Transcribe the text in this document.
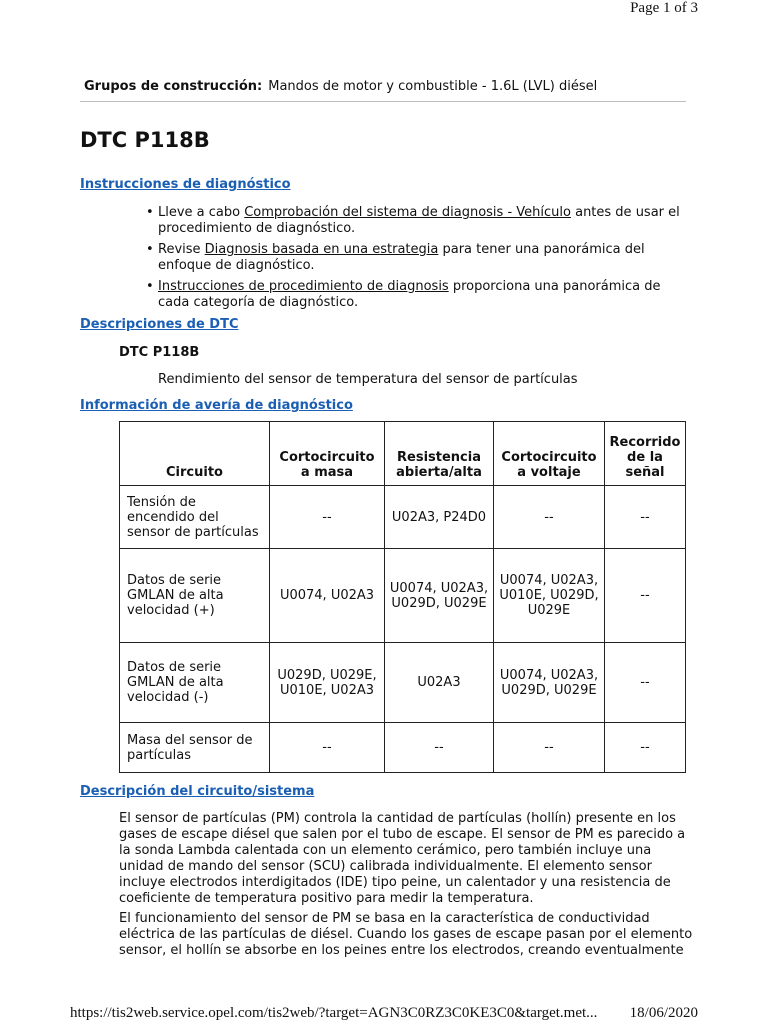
Page 1 of 3
Grupos de construcción: Mandos de motor y combustible - 1.6L (LVL) diésel
DTC P118B
Instrucciones de diagnóstico
• Lleve a cabo Comprobación del sistema de diagnosis - Vehículo antes de usar el procedimiento de diagnóstico.
• Revise Diagnosis basada en una estrategia para tener una panorámica del enfoque de diagnóstico.
• Instrucciones de procedimiento de diagnosis proporciona una panorámica de cada categoría de diagnóstico.
Descripciones de DTC
DTC P118B
Rendimiento del sensor de temperatura del sensor de partículas
Información de avería de diagnóstico
Circuito	Cortocircuito a masa	Resistencia abierta/alta	Cortocircuito a voltaje	Recorrido de la señal
Tensión de encendido del sensor de partículas	--	U02A3, P24D0	--	--
Datos de serie GMLAN de alta velocidad (+)	U0074, U02A3	U0074, U02A3, U029D, U029E	U0074, U02A3, U010E, U029D, U029E	--
Datos de serie GMLAN de alta velocidad (-)	U029D, U029E, U010E, U02A3	U02A3	U0074, U02A3, U029D, U029E	--
Masa del sensor de partículas	--	--	--	--
Descripción del circuito/sistema

El sensor de partículas (PM) controla la cantidad de partículas (hollín) presente en los gases de escape diésel que salen por el tubo de escape. El sensor de PM es parecido a la sonda Lambda calentada con un elemento cerámico, pero también incluye una unidad de mando del sensor (SCU) calibrada individualmente. El elemento sensor incluye electrodos interdigitados (IDE) tipo peine, un calentador y una resistencia de coeficiente de temperatura positivo para medir la temperatura.

El funcionamiento del sensor de PM se basa en la característica de conductividad eléctrica de las partículas de diésel. Cuando los gases de escape pasan por el elemento sensor, el hollín se absorbe en los peines entre los electrodos, creando eventualmente

https://tis2web.service.opel.com/tis2web/?target=AGN3C0RZ3C0KE3C0&target.met... 18/06/2020
